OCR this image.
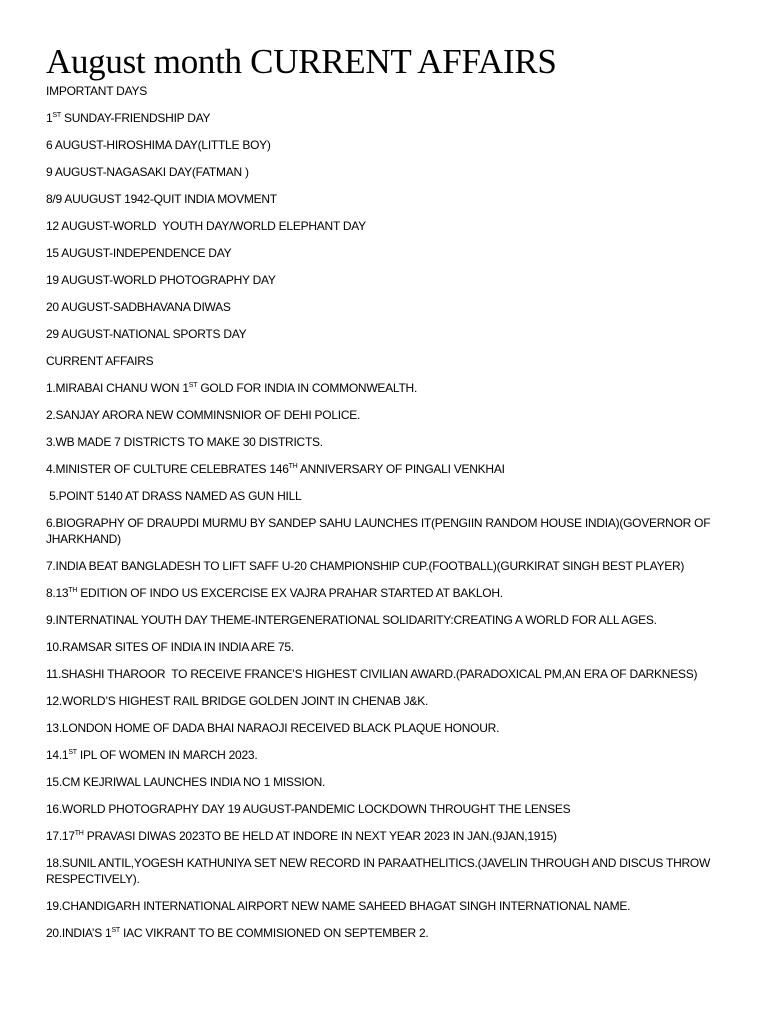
August month CURRENT AFFAIRS
IMPORTANT DAYS
1ST SUNDAY-FRIENDSHIP DAY
6 AUGUST-HIROSHIMA DAY(LITTLE BOY)
9 AUGUST-NAGASAKI DAY(FATMAN )
8/9 AUUGUST 1942-QUIT INDIA MOVMENT
12 AUGUST-WORLD  YOUTH DAY/WORLD ELEPHANT DAY
15 AUGUST-INDEPENDENCE DAY
19 AUGUST-WORLD PHOTOGRAPHY DAY
20 AUGUST-SADBHAVANA DIWAS
29 AUGUST-NATIONAL SPORTS DAY
CURRENT AFFAIRS
1.MIRABAI CHANU WON 1ST GOLD FOR INDIA IN COMMONWEALTH.
2.SANJAY ARORA NEW COMMINSNIOR OF DEHI POLICE.
3.WB MADE 7 DISTRICTS TO MAKE 30 DISTRICTS.
4.MINISTER OF CULTURE CELEBRATES 146TH ANNIVERSARY OF PINGALI VENKHAI
5.POINT 5140 AT DRASS NAMED AS GUN HILL
6.BIOGRAPHY OF DRAUPDI MURMU BY SANDEP SAHU LAUNCHES IT(PENGIIN RANDOM HOUSE INDIA)(GOVERNOR OF JHARKHAND)
7.INDIA BEAT BANGLADESH TO LIFT SAFF U-20 CHAMPIONSHIP CUP.(FOOTBALL)(GURKIRAT SINGH BEST PLAYER)
8.13TH EDITION OF INDO US EXCERCISE EX VAJRA PRAHAR STARTED AT BAKLOH.
9.INTERNATINAL YOUTH DAY THEME-INTERGENERATIONAL SOLIDARITY:CREATING A WORLD FOR ALL AGES.
10.RAMSAR SITES OF INDIA IN INDIA ARE 75.
11.SHASHI THAROOR  TO RECEIVE FRANCE’S HIGHEST CIVILIAN AWARD.(PARADOXICAL PM,AN ERA OF DARKNESS)
12.WORLD’S HIGHEST RAIL BRIDGE GOLDEN JOINT IN CHENAB J&K.
13.LONDON HOME OF DADA BHAI NARAOJI RECEIVED BLACK PLAQUE HONOUR.
14.1ST IPL OF WOMEN IN MARCH 2023.
15.CM KEJRIWAL LAUNCHES INDIA NO 1 MISSION.
16.WORLD PHOTOGRAPHY DAY 19 AUGUST-PANDEMIC LOCKDOWN THROUGHT THE LENSES
17.17TH PRAVASI DIWAS 2023TO BE HELD AT INDORE IN NEXT YEAR 2023 IN JAN.(9JAN,1915)
18.SUNIL ANTIL,YOGESH KATHUNIYA SET NEW RECORD IN PARAATHELITICS.(JAVELIN THROUGH AND DISCUS THROW RESPECTIVELY).
19.CHANDIGARH INTERNATIONAL AIRPORT NEW NAME SAHEED BHAGAT SINGH INTERNATIONAL NAME.
20.INDIA’S 1ST IAC VIKRANT TO BE COMMISIONED ON SEPTEMBER 2.
